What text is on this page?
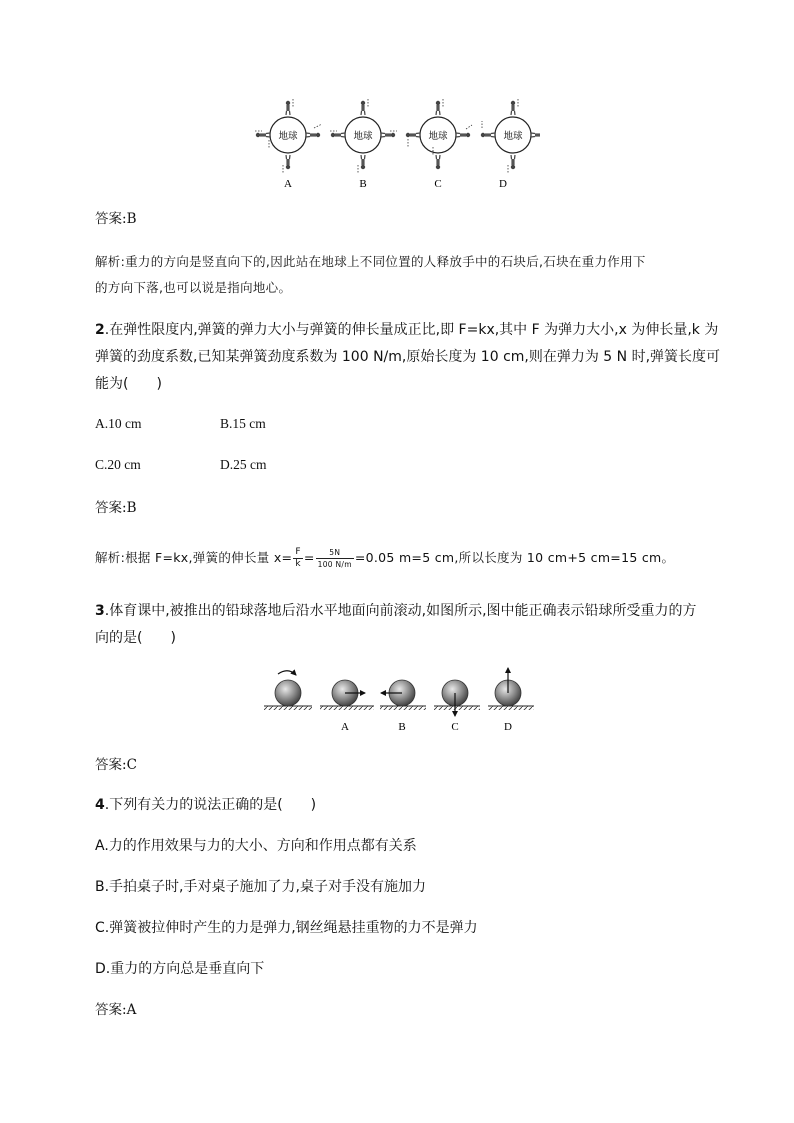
地球	地球	地球	地球
A	B	C	D
答案:B
解析:重力的方向是竖直向下的,因此站在地球上不同位置的人释放手中的石块后,石块在重力作用下
的方向下落,也可以说是指向地心。
2.在弹性限度内,弹簧的弹力大小与弹簧的伸长量成正比,即 F=kx,其中 F 为弹力大小,x 为伸长量,k 为
弹簧的劲度系数,已知某弹簧劲度系数为 100 N/m,原始长度为 10 cm,则在弹力为 5 N 时,弹簧长度可
能为(　　)
A.10 cm	B.15 cm
C.20 cm	D.25 cm
答案:B
解析:根据 F=kx,弹簧的伸长量 $x= \frac{F}{k} = \frac{5N}{100 N/m} =0.05$ m=5 cm,所以长度为 10 cm+5 cm=15 cm。
3.体育课中,被推出的铅球落地后沿水平地面向前滚动,如图所示,图中能正确表示铅球所受重力的方
向的是(　　)
A	B	C	D
答案:C
4.下列有关力的说法正确的是(　　)
A.力的作用效果与力的大小、方向和作用点都有关系
B.手拍桌子时,手对桌子施加了力,桌子对手没有施加力
C.弹簧被拉伸时产生的力是弹力,钢丝绳悬挂重物的力不是弹力
D.重力的方向总是垂直向下
答案:A
